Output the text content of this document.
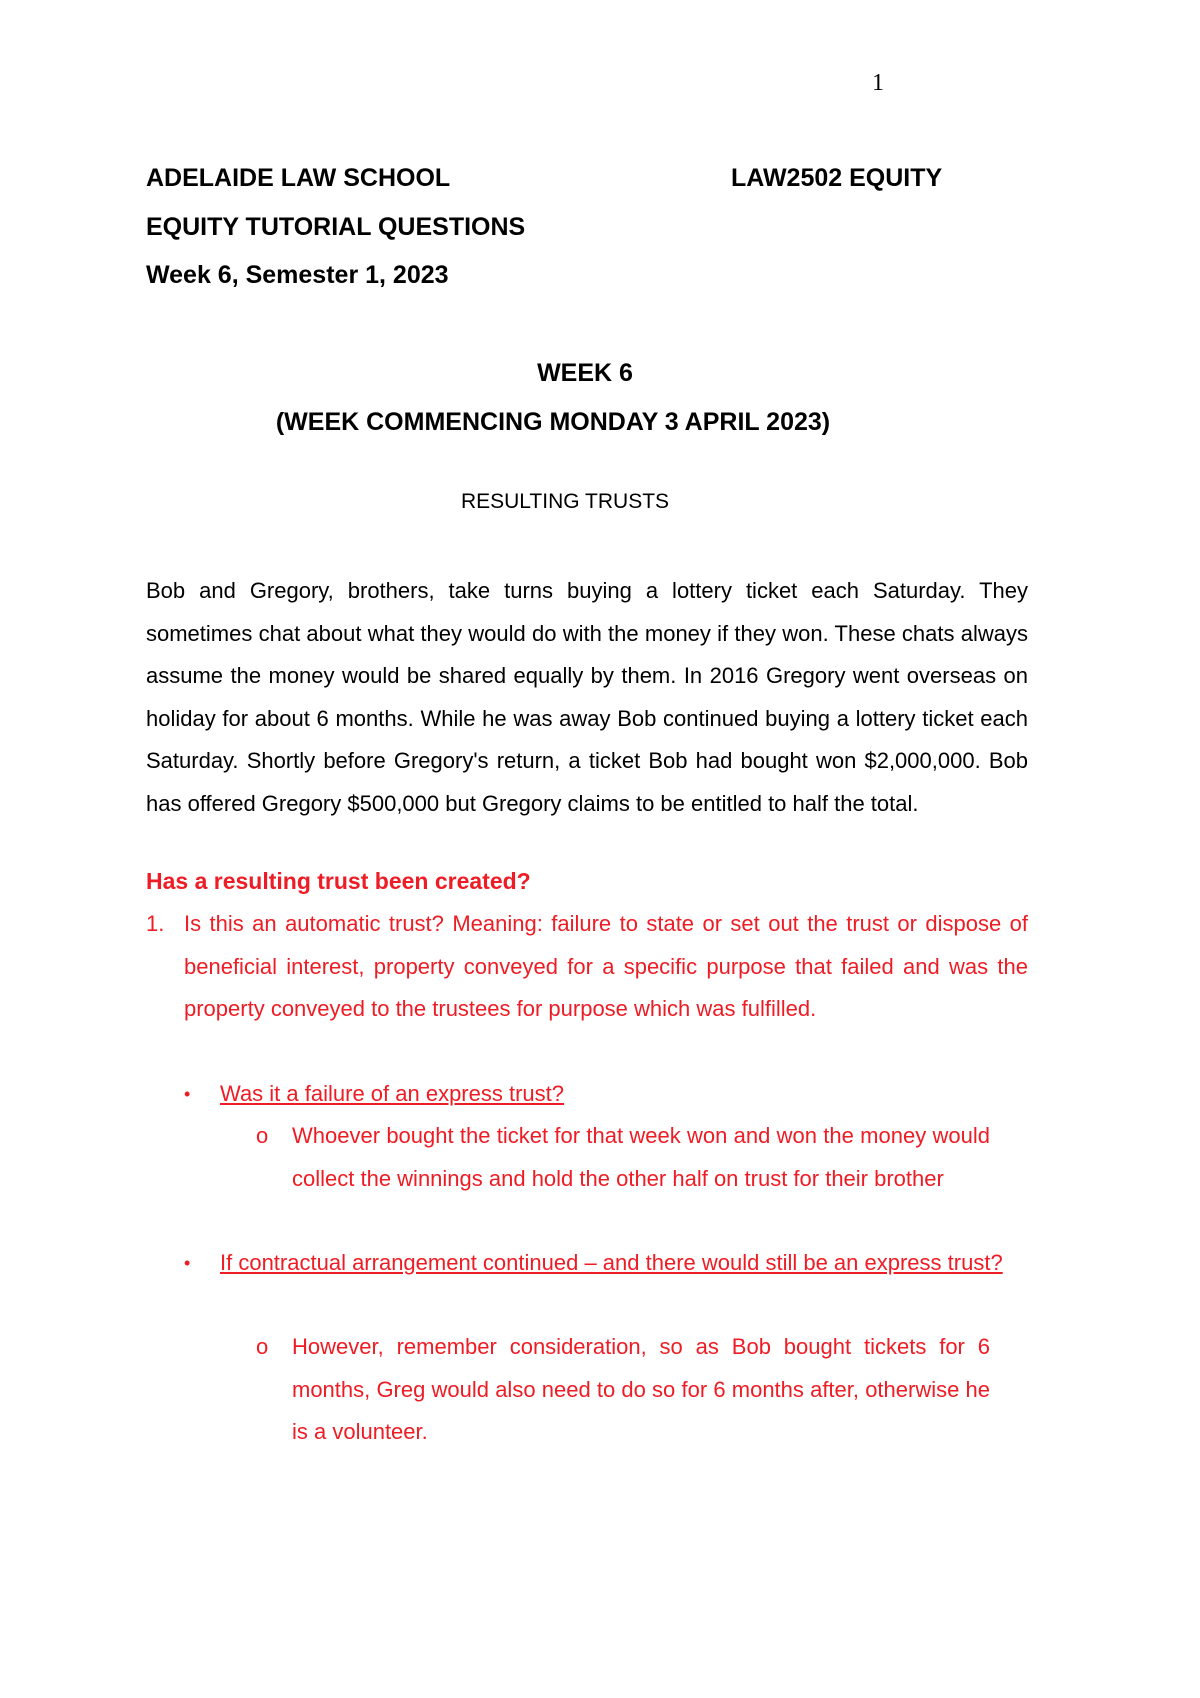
1
ADELAIDE LAW SCHOOL	LAW2502 EQUITY
EQUITY TUTORIAL QUESTIONS
Week 6, Semester 1, 2023
WEEK 6
(WEEK COMMENCING MONDAY 3 APRIL 2023)
RESULTING TRUSTS
Bob and Gregory, brothers, take turns buying a lottery ticket each Saturday. They sometimes chat about what they would do with the money if they won. These chats always assume the money would be shared equally by them. In 2016 Gregory went overseas on holiday for about 6 months. While he was away Bob continued buying a lottery ticket each Saturday. Shortly before Gregory's return, a ticket Bob had bought won $2,000,000. Bob has offered Gregory $500,000 but Gregory claims to be entitled to half the total.
Has a resulting trust been created?
1. Is this an automatic trust? Meaning: failure to state or set out the trust or dispose of beneficial interest, property conveyed for a specific purpose that failed and was the property conveyed to the trustees for purpose which was fulfilled.
• Was it a failure of an express trust?
o Whoever bought the ticket for that week won and won the money would collect the winnings and hold the other half on trust for their brother
• If contractual arrangement continued – and there would still be an express trust?
o However, remember consideration, so as Bob bought tickets for 6 months, Greg would also need to do so for 6 months after, otherwise he is a volunteer.
